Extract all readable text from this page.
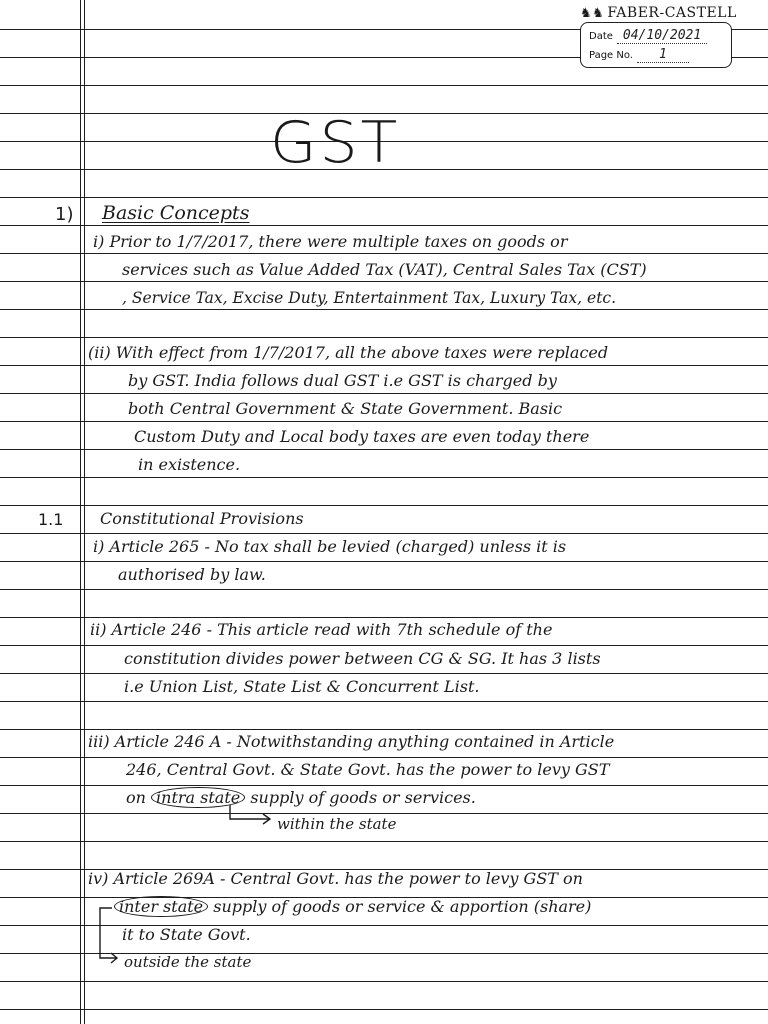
♞♞ FABER-CASTELL
Date 04/10/2021
Page No.	1
GST
1) Basic Concepts
i) Prior to 1/7/2017, there were multiple taxes on goods or
services such as Value Added Tax (VAT), Central Sales Tax (CST)
, Service Tax, Excise Duty, Entertainment Tax, Luxury Tax, etc.
(ii) With effect from 1/7/2017, all the above taxes were replaced
by GST. India follows dual GST i.e GST is charged by
both Central Government & State Government. Basic
Custom Duty and Local body taxes are even today there
in existence.
1.1 Constitutional Provisions
i) Article 265 - No tax shall be levied (charged) unless it is
authorised by law.
ii) Article 246 - This article read with 7th schedule of the
constitution divides power between CG & SG. It has 3 lists
i.e Union List, State List & Concurrent List.
iii) Article 246 A - Notwithstanding anything contained in Article
246, Central Govt. & State Govt. has the power to levy GST
on intra state supply of goods or services.
within the state
iv) Article 269A - Central Govt. has the power to levy GST on
inter state supply of goods or service & apportion (share)
it to State Govt.
outside the state
